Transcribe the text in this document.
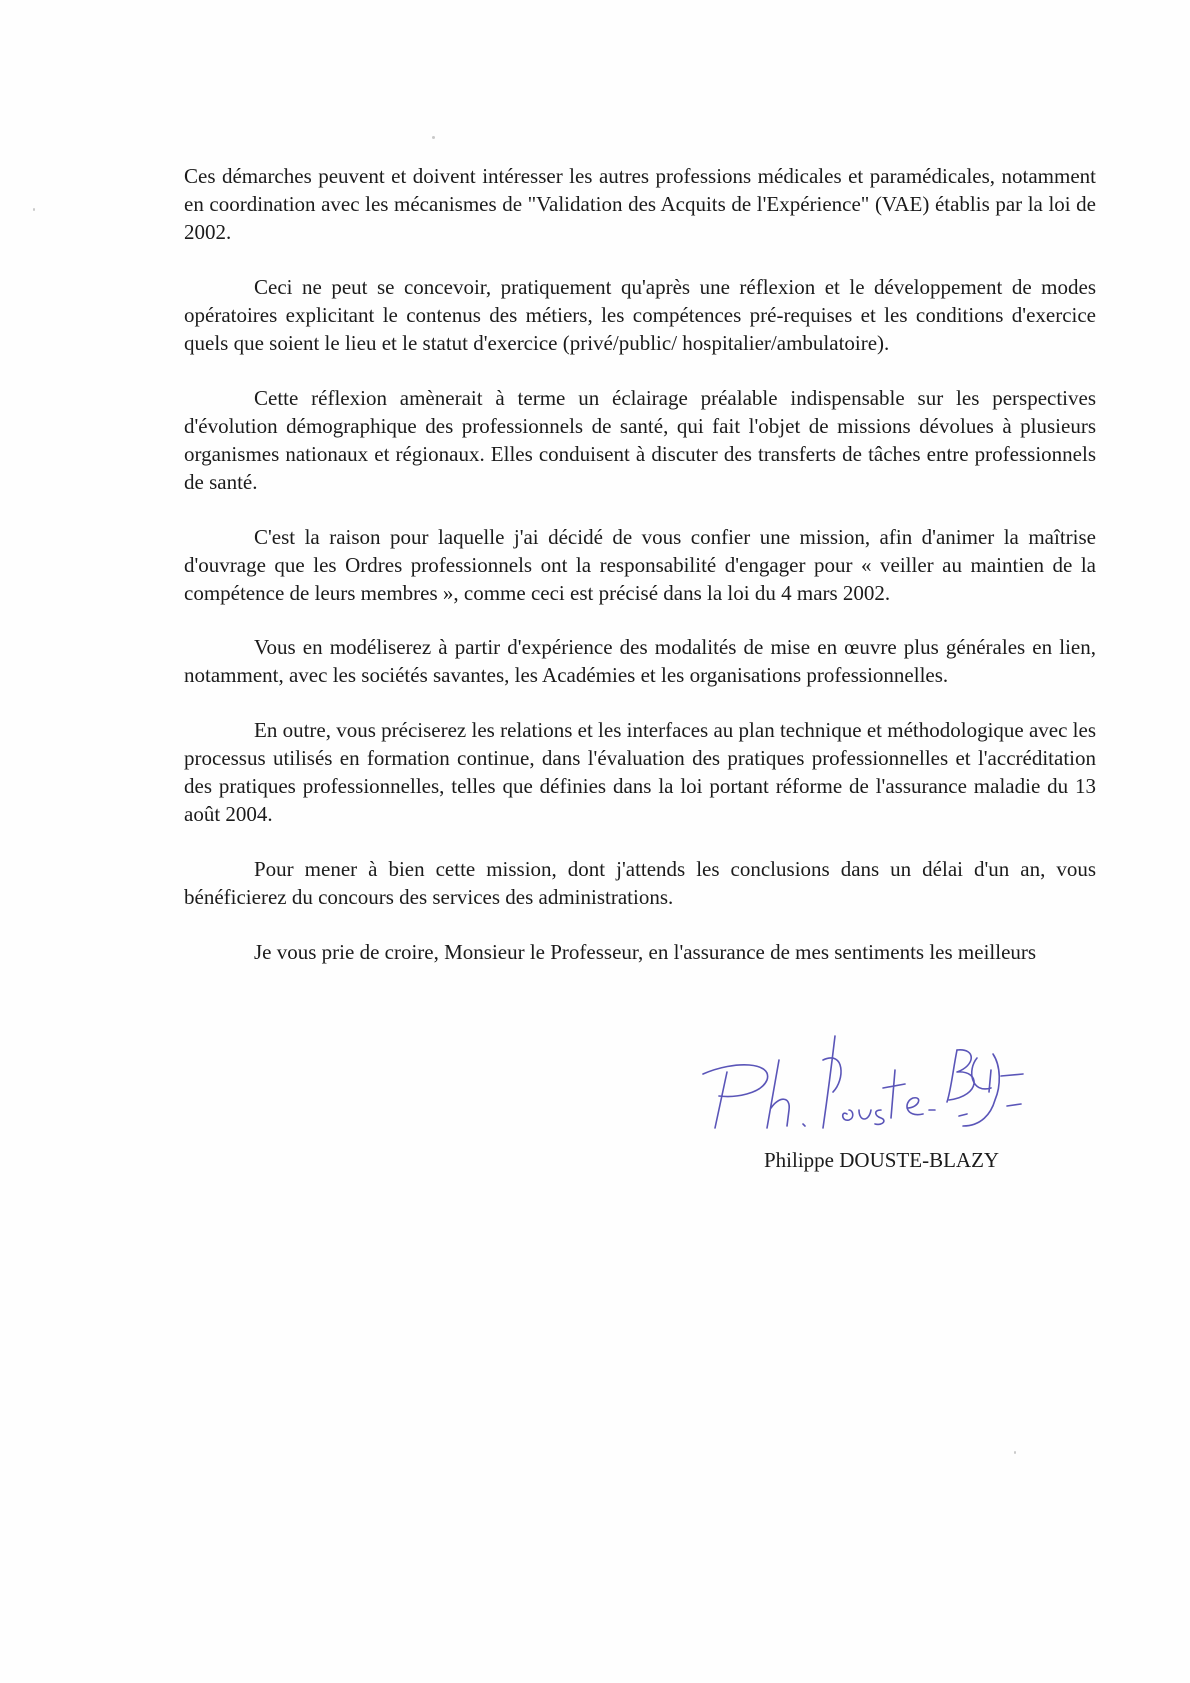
Ces démarches peuvent et doivent intéresser les autres professions médicales et paramédicales, notamment en coordination avec les mécanismes de "Validation des Acquits de l'Expérience" (VAE) établis par la loi de 2002.

Ceci ne peut se concevoir, pratiquement qu'après une réflexion et le développement de modes opératoires explicitant le contenus des métiers, les compétences pré-requises et les conditions d'exercice quels que soient le lieu et le statut d'exercice (privé/public/ hospitalier/ambulatoire).

Cette réflexion amènerait à terme un éclairage préalable indispensable sur les perspectives d'évolution démographique des professionnels de santé, qui fait l'objet de missions dévolues à plusieurs organismes nationaux et régionaux. Elles conduisent à discuter des transferts de tâches entre professionnels de santé.

C'est la raison pour laquelle j'ai décidé de vous confier une mission, afin d'animer la maîtrise d'ouvrage que les Ordres professionnels ont la responsabilité d'engager pour « veiller au maintien de la compétence de leurs membres », comme ceci est précisé dans la loi du 4 mars 2002.

Vous en modéliserez à partir d'expérience des modalités de mise en œuvre plus générales en lien, notamment, avec les sociétés savantes, les Académies et les organisations professionnelles.

En outre, vous préciserez les relations et les interfaces au plan technique et méthodologique avec les processus utilisés en formation continue, dans l'évaluation des pratiques professionnelles et l'accréditation des pratiques professionnelles, telles que définies dans la loi portant réforme de l'assurance maladie du 13 août 2004.

Pour mener à bien cette mission, dont j'attends les conclusions dans un délai d'un an, vous bénéficierez du concours des services des administrations.

Je vous prie de croire, Monsieur le Professeur, en l'assurance de mes sentiments les meilleurs

Philippe DOUSTE-BLAZY
